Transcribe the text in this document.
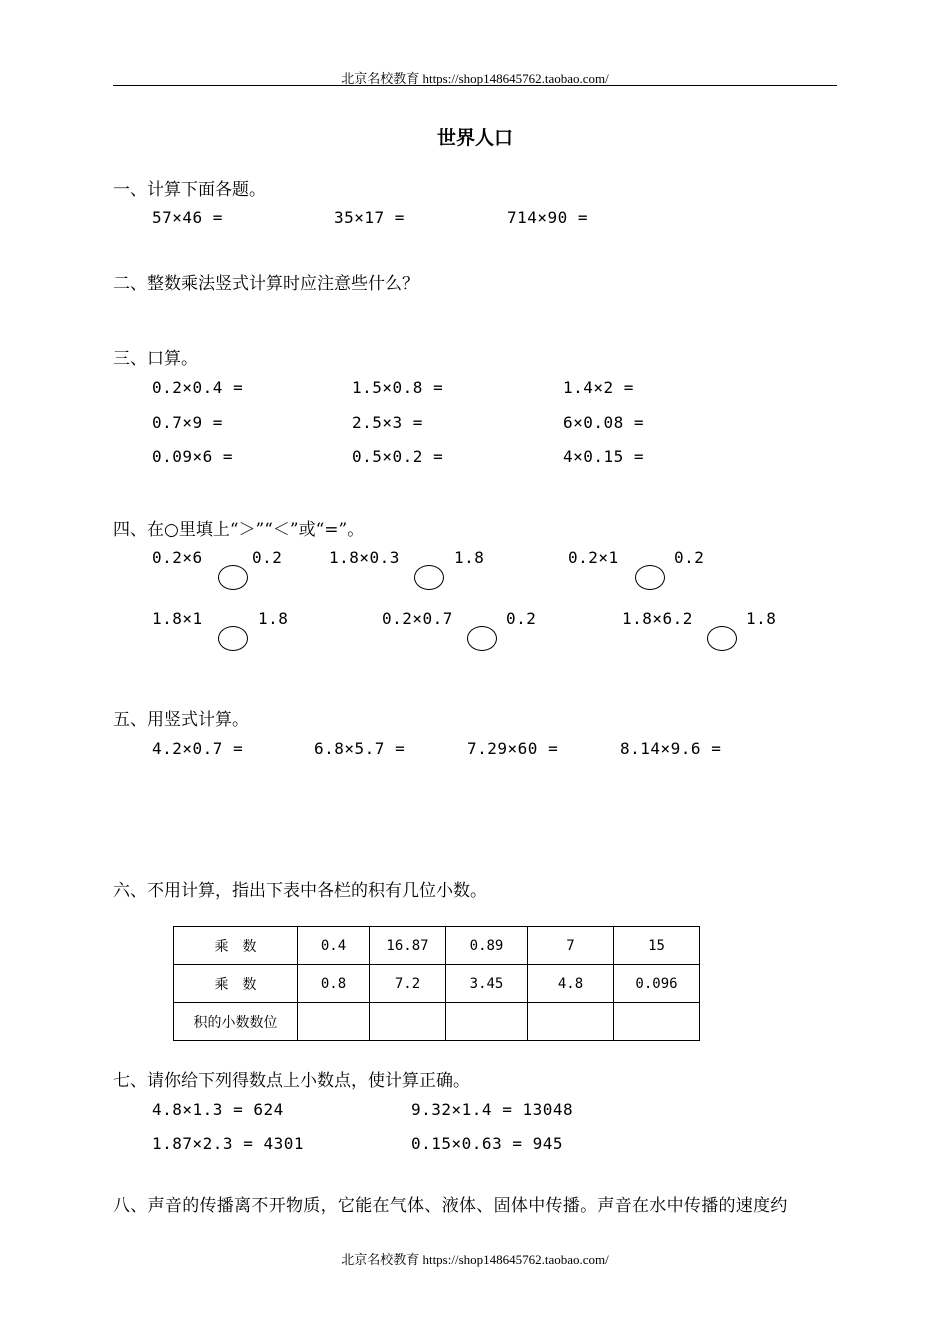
北京名校教育 https://shop148645762.taobao.com/
世界人口
一、计算下面各题。
57×46 =	35×17 =	714×90 =
二、整数乘法竖式计算时应注意些什么？
三、口算。
0.2×0.4 =	1.5×0.8 =	1.4×2 =
0.7×9 =	2.5×3 =	6×0.08 =
0.09×6 =	0.5×0.2 =	4×0.15 =
四、在○里填上“＞”“＜”或“=”。
0.2×6	0.2	1.8×0.3	1.8	0.2×1	0.2
1.8×1	1.8	0.2×0.7	0.2	1.8×6.2	1.8
五、用竖式计算。
4.2×0.7 =	6.8×5.7 =	7.29×60 =	8.14×9.6 =
六、不用计算，指出下表中各栏的积有几位小数。
乘　数	0.4	16.87	0.89	7	15
乘　数	0.8	7.2	3.45	4.8	0.096
积的小数数位					
七、请你给下列得数点上小数点，使计算正确。
4.8×1.3 = 624	9.32×1.4 = 13048
1.87×2.3 = 4301	0.15×0.63 = 945
八、声音的传播离不开物质，它能在气体、液体、固体中传播。声音在水中传播的速度约
北京名校教育 https://shop148645762.taobao.com/
